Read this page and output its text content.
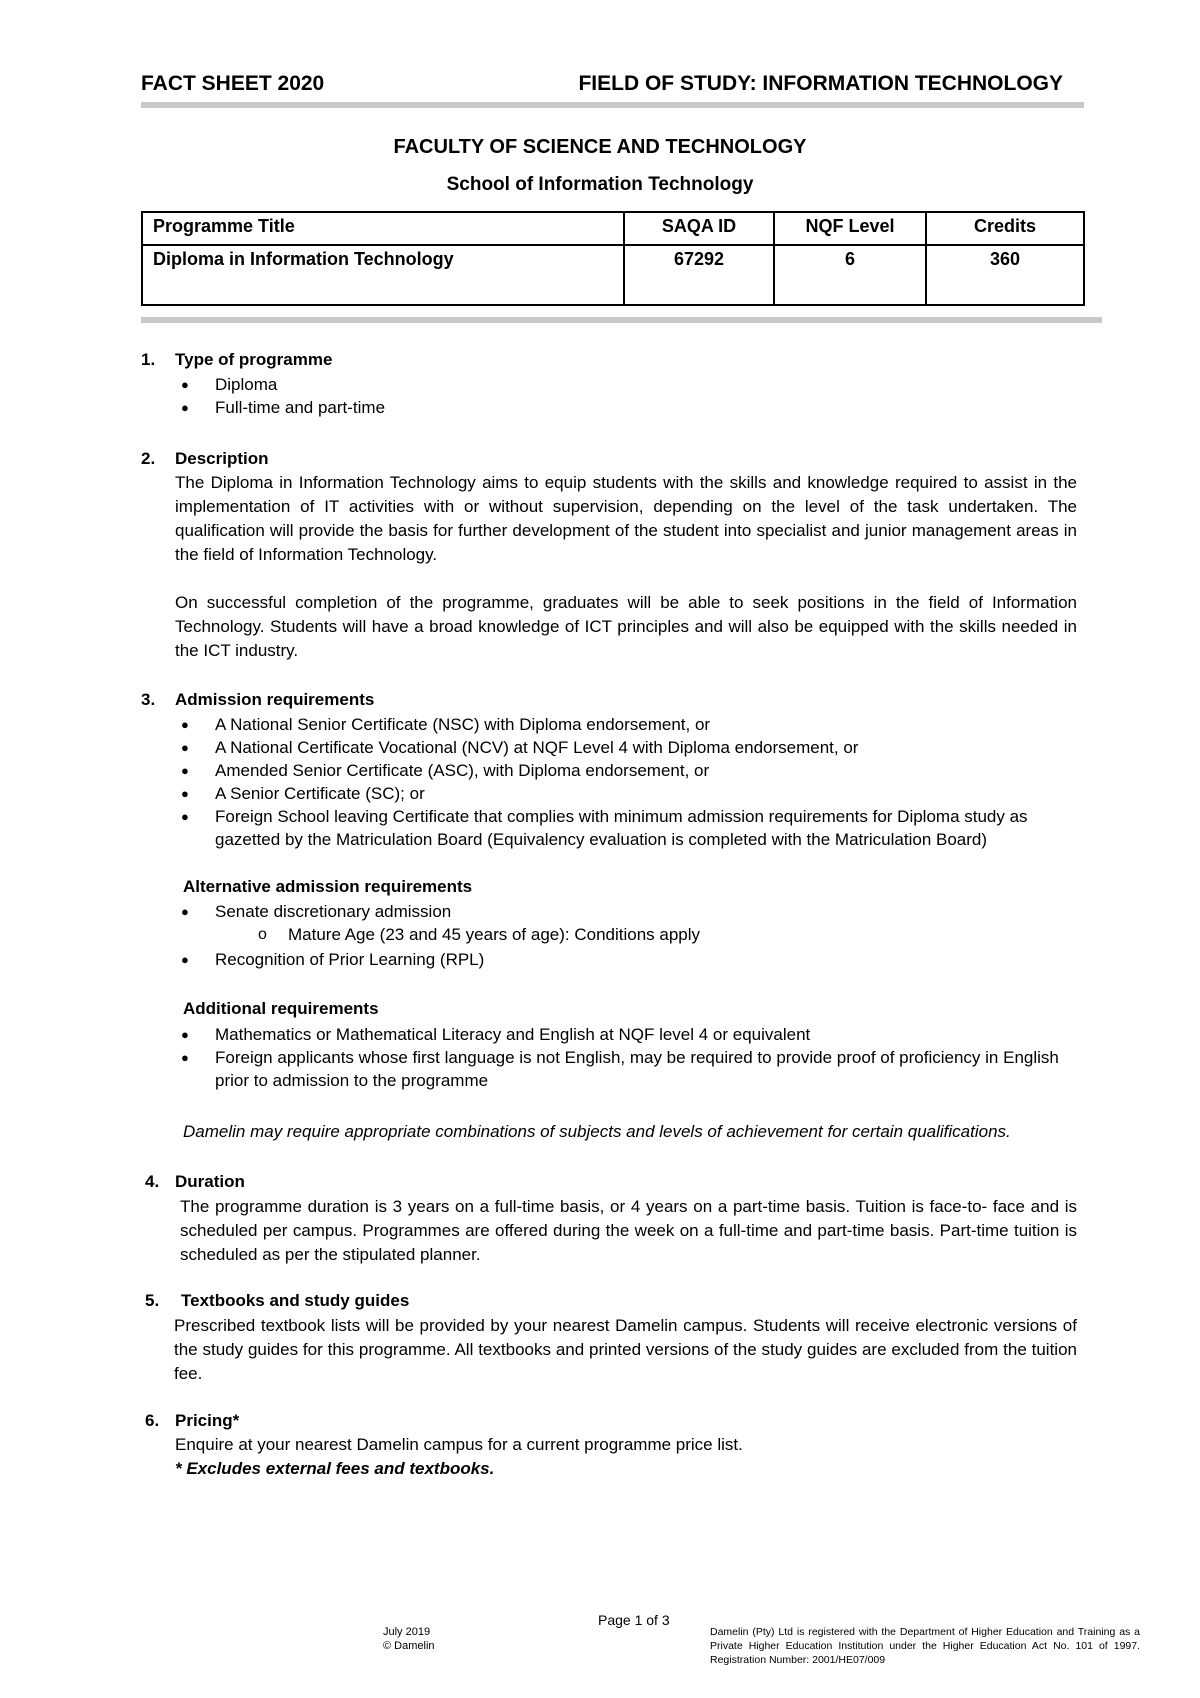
FACT SHEET 2020	FIELD OF STUDY: INFORMATION TECHNOLOGY
FACULTY OF SCIENCE AND TECHNOLOGY
School of Information Technology
Programme Title	SAQA ID	NQF Level	Credits
Diploma in Information Technology	67292	6	360
1. Type of programme
● Diploma
● Full-time and part-time
2. Description
The Diploma in Information Technology aims to equip students with the skills and knowledge required to assist in the implementation of IT activities with or without supervision, depending on the level of the task undertaken. The qualification will provide the basis for further development of the student into specialist and junior management areas in the field of Information Technology.
On successful completion of the programme, graduates will be able to seek positions in the field of Information Technology. Students will have a broad knowledge of ICT principles and will also be equipped with the skills needed in the ICT industry.
3. Admission requirements
● A National Senior Certificate (NSC) with Diploma endorsement, or
● A National Certificate Vocational (NCV) at NQF Level 4 with Diploma endorsement, or
● Amended Senior Certificate (ASC), with Diploma endorsement, or
● A Senior Certificate (SC); or
● Foreign School leaving Certificate that complies with minimum admission requirements for Diploma study as gazetted by the Matriculation Board (Equivalency evaluation is completed with the Matriculation Board)
Alternative admission requirements
● Senate discretionary admission
o Mature Age (23 and 45 years of age): Conditions apply
● Recognition of Prior Learning (RPL)
Additional requirements
● Mathematics or Mathematical Literacy and English at NQF level 4 or equivalent
● Foreign applicants whose first language is not English, may be required to provide proof of proficiency in English prior to admission to the programme
Damelin may require appropriate combinations of subjects and levels of achievement for certain qualifications.
4. Duration
The programme duration is 3 years on a full-time basis, or 4 years on a part-time basis. Tuition is face-to- face and is scheduled per campus. Programmes are offered during the week on a full-time and part-time basis. Part-time tuition is scheduled as per the stipulated planner.
5. Textbooks and study guides
Prescribed textbook lists will be provided by your nearest Damelin campus. Students will receive electronic versions of the study guides for this programme. All textbooks and printed versions of the study guides are excluded from the tuition fee.
6. Pricing*
Enquire at your nearest Damelin campus for a current programme price list.
* Excludes external fees and textbooks.
July 2019
© Damelin
Page 1 of 3
Damelin (Pty) Ltd is registered with the Department of Higher Education and Training as a Private Higher Education Institution under the Higher Education Act No. 101 of 1997. Registration Number: 2001/HE07/009
